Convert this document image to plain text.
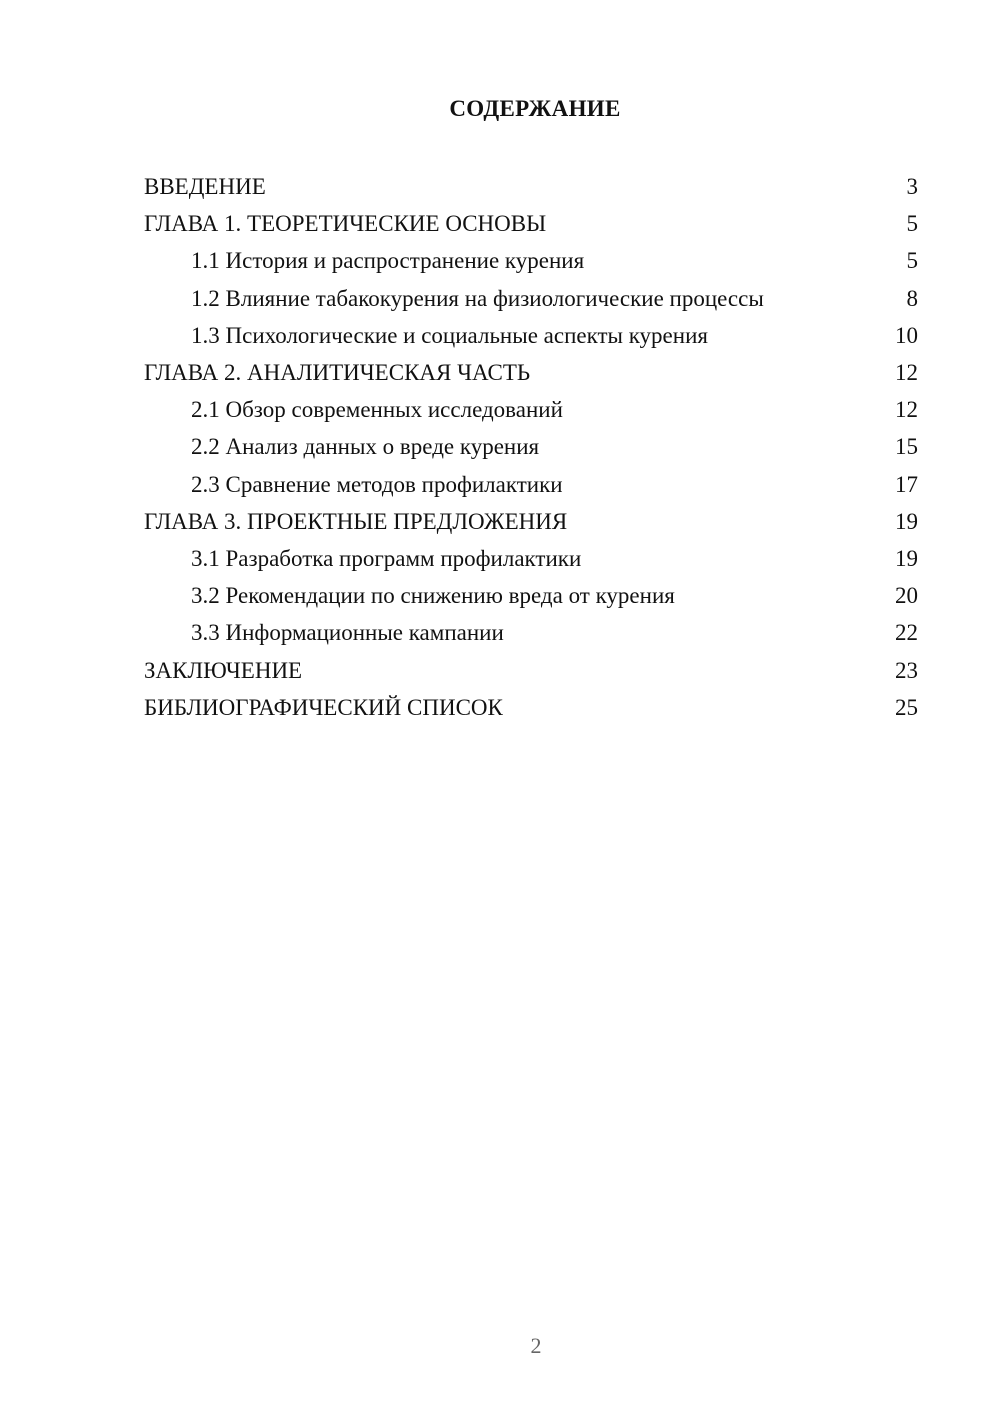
СОДЕРЖАНИЕ
ВВЕДЕНИЕ	3
ГЛАВА 1. ТЕОРЕТИЧЕСКИЕ ОСНОВЫ	5
1.1 История и распространение курения	5
1.2 Влияние табакокурения на физиологические процессы	8
1.3 Психологические и социальные аспекты курения	10
ГЛАВА 2. АНАЛИТИЧЕСКАЯ ЧАСТЬ	12
2.1 Обзор современных исследований	12
2.2 Анализ данных о вреде курения	15
2.3 Сравнение методов профилактики	17
ГЛАВА 3. ПРОЕКТНЫЕ ПРЕДЛОЖЕНИЯ	19
3.1 Разработка программ профилактики	19
3.2 Рекомендации по снижению вреда от курения	20
3.3 Информационные кампании	22
ЗАКЛЮЧЕНИЕ	23
БИБЛИОГРАФИЧЕСКИЙ СПИСОК	25
2
